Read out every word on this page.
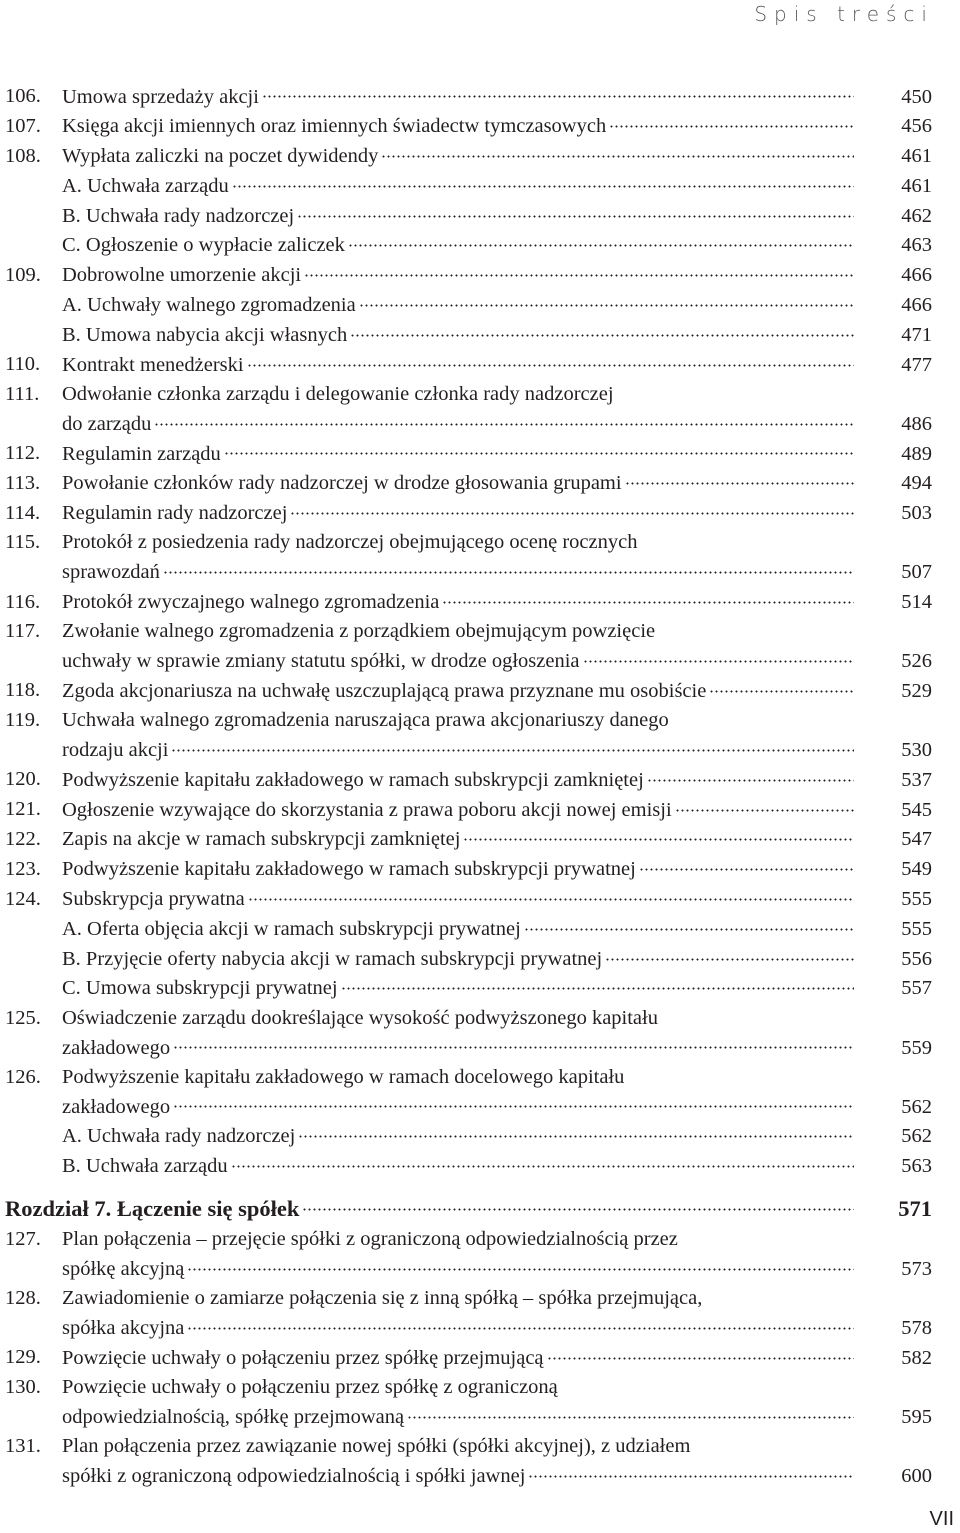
Spis treści
106. Umowa sprzedaży akcji	450
107. Księga akcji imiennych oraz imiennych świadectw tymczasowych	456
108. Wypłata zaliczki na poczet dywidendy	461
A. Uchwała zarządu	461
B. Uchwała rady nadzorczej	462
C. Ogłoszenie o wypłacie zaliczek	463
109. Dobrowolne umorzenie akcji	466
A. Uchwały walnego zgromadzenia	466
B. Umowa nabycia akcji własnych	471
110. Kontrakt menedżerski	477
111. Odwołanie członka zarządu i delegowanie członka rady nadzorczej
do zarządu	486
112. Regulamin zarządu	489
113. Powołanie członków rady nadzorczej w drodze głosowania grupami	494
114. Regulamin rady nadzorczej	503
115. Protokół z posiedzenia rady nadzorczej obejmującego ocenę rocznych
sprawozdań	507
116. Protokół zwyczajnego walnego zgromadzenia	514
117. Zwołanie walnego zgromadzenia z porządkiem obejmującym powzięcie
uchwały w sprawie zmiany statutu spółki, w drodze ogłoszenia	526
118. Zgoda akcjonariusza na uchwałę uszczuplającą prawa przyznane mu osobiście	529
119. Uchwała walnego zgromadzenia naruszająca prawa akcjonariuszy danego
rodzaju akcji	530
120. Podwyższenie kapitału zakładowego w ramach subskrypcji zamkniętej	537
121. Ogłoszenie wzywające do skorzystania z prawa poboru akcji nowej emisji	545
122. Zapis na akcje w ramach subskrypcji zamkniętej	547
123. Podwyższenie kapitału zakładowego w ramach subskrypcji prywatnej	549
124. Subskrypcja prywatna	555
A. Oferta objęcia akcji w ramach subskrypcji prywatnej	555
B. Przyjęcie oferty nabycia akcji w ramach subskrypcji prywatnej	556
C. Umowa subskrypcji prywatnej	557
125. Oświadczenie zarządu dookreślające wysokość podwyższonego kapitału
zakładowego	559
126. Podwyższenie kapitału zakładowego w ramach docelowego kapitału
zakładowego	562
A. Uchwała rady nadzorczej	562
B. Uchwała zarządu	563
Rozdział 7. Łączenie się spółek	571
127. Plan połączenia – przejęcie spółki z ograniczoną odpowiedzialnością przez
spółkę akcyjną	573
128. Zawiadomienie o zamiarze połączenia się z inną spółką – spółka przejmująca,
spółka akcyjna	578
129. Powzięcie uchwały o połączeniu przez spółkę przejmującą	582
130. Powzięcie uchwały o połączeniu przez spółkę z ograniczoną
odpowiedzialnością, spółkę przejmowaną	595
131. Plan połączenia przez zawiązanie nowej spółki (spółki akcyjnej), z udziałem
spółki z ograniczoną odpowiedzialnością i spółki jawnej	600
VII
